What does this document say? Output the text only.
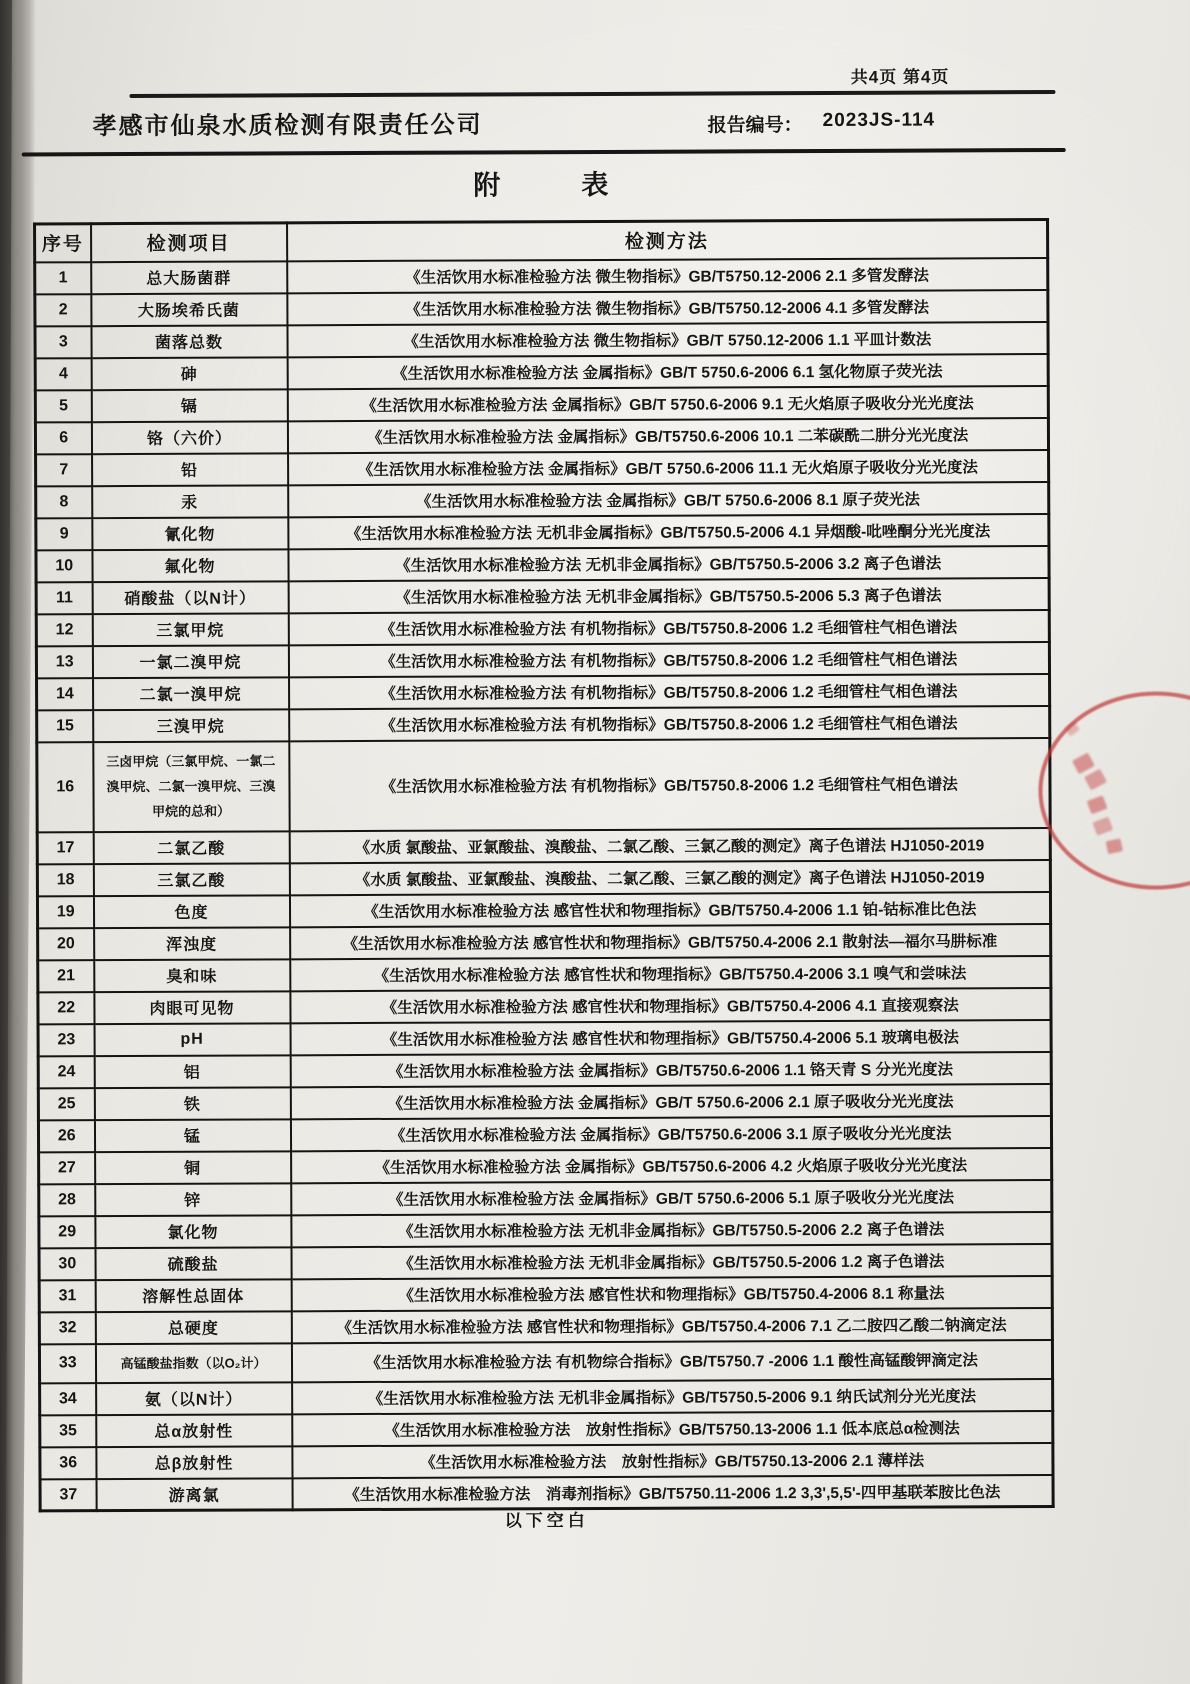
共4页 第4页
孝感市仙泉水质检测有限责任公司	报告编号： 2023JS-114
附　　　表
序号	检测项目	检测方法
1	总大肠菌群	《生活饮用水标准检验方法 微生物指标》GB/T5750.12-2006 2.1 多管发酵法
2	大肠埃希氏菌	《生活饮用水标准检验方法 微生物指标》GB/T5750.12-2006 4.1 多管发酵法
3	菌落总数	《生活饮用水标准检验方法 微生物指标》GB/T 5750.12-2006 1.1 平皿计数法
4	砷	《生活饮用水标准检验方法 金属指标》GB/T 5750.6-2006 6.1 氢化物原子荧光法
5	镉	《生活饮用水标准检验方法 金属指标》GB/T 5750.6-2006 9.1 无火焰原子吸收分光光度法
6	铬（六价）	《生活饮用水标准检验方法 金属指标》GB/T5750.6-2006 10.1 二苯碳酰二肼分光光度法
7	铅	《生活饮用水标准检验方法 金属指标》GB/T 5750.6-2006 11.1 无火焰原子吸收分光光度法
8	汞	《生活饮用水标准检验方法 金属指标》GB/T 5750.6-2006 8.1 原子荧光法
9	氰化物	《生活饮用水标准检验方法 无机非金属指标》GB/T5750.5-2006 4.1 异烟酸-吡唑酮分光光度法
10	氟化物	《生活饮用水标准检验方法 无机非金属指标》GB/T5750.5-2006 3.2 离子色谱法
11	硝酸盐（以N计）	《生活饮用水标准检验方法 无机非金属指标》GB/T5750.5-2006 5.3 离子色谱法
12	三氯甲烷	《生活饮用水标准检验方法 有机物指标》GB/T5750.8-2006 1.2 毛细管柱气相色谱法
13	一氯二溴甲烷	《生活饮用水标准检验方法 有机物指标》GB/T5750.8-2006 1.2 毛细管柱气相色谱法
14	二氯一溴甲烷	《生活饮用水标准检验方法 有机物指标》GB/T5750.8-2006 1.2 毛细管柱气相色谱法
15	三溴甲烷	《生活饮用水标准检验方法 有机物指标》GB/T5750.8-2006 1.2 毛细管柱气相色谱法
16	三卤甲烷（三氯甲烷、一氯二溴甲烷、二氯一溴甲烷、三溴甲烷的总和）	《生活饮用水标准检验方法 有机物指标》GB/T5750.8-2006 1.2 毛细管柱气相色谱法
17	二氯乙酸	《水质 氯酸盐、亚氯酸盐、溴酸盐、二氯乙酸、三氯乙酸的测定》离子色谱法 HJ1050-2019
18	三氯乙酸	《水质 氯酸盐、亚氯酸盐、溴酸盐、二氯乙酸、三氯乙酸的测定》离子色谱法 HJ1050-2019
19	色度	《生活饮用水标准检验方法 感官性状和物理指标》GB/T5750.4-2006 1.1 铂-钴标准比色法
20	浑浊度	《生活饮用水标准检验方法 感官性状和物理指标》GB/T5750.4-2006 2.1 散射法—福尔马肼标准
21	臭和味	《生活饮用水标准检验方法 感官性状和物理指标》GB/T5750.4-2006 3.1 嗅气和尝味法
22	肉眼可见物	《生活饮用水标准检验方法 感官性状和物理指标》GB/T5750.4-2006 4.1 直接观察法
23	pH	《生活饮用水标准检验方法 感官性状和物理指标》GB/T5750.4-2006 5.1 玻璃电极法
24	铝	《生活饮用水标准检验方法 金属指标》GB/T5750.6-2006 1.1 铬天青 S 分光光度法
25	铁	《生活饮用水标准检验方法 金属指标》GB/T 5750.6-2006 2.1 原子吸收分光光度法
26	锰	《生活饮用水标准检验方法 金属指标》GB/T5750.6-2006 3.1 原子吸收分光光度法
27	铜	《生活饮用水标准检验方法 金属指标》GB/T5750.6-2006 4.2 火焰原子吸收分光光度法
28	锌	《生活饮用水标准检验方法 金属指标》GB/T 5750.6-2006 5.1 原子吸收分光光度法
29	氯化物	《生活饮用水标准检验方法 无机非金属指标》GB/T5750.5-2006 2.2 离子色谱法
30	硫酸盐	《生活饮用水标准检验方法 无机非金属指标》GB/T5750.5-2006 1.2 离子色谱法
31	溶解性总固体	《生活饮用水标准检验方法 感官性状和物理指标》GB/T5750.4-2006 8.1 称量法
32	总硬度	《生活饮用水标准检验方法 感官性状和物理指标》GB/T5750.4-2006 7.1 乙二胺四乙酸二钠滴定法
33	高锰酸盐指数（以O₂计）	《生活饮用水标准检验方法 有机物综合指标》GB/T5750.7 -2006 1.1 酸性高锰酸钾滴定法
34	氨（以N计）	《生活饮用水标准检验方法 无机非金属指标》GB/T5750.5-2006 9.1 纳氏试剂分光光度法
35	总α放射性	《生活饮用水标准检验方法　放射性指标》GB/T5750.13-2006 1.1 低本底总α检测法
36	总β放射性	《生活饮用水标准检验方法　放射性指标》GB/T5750.13-2006 2.1 薄样法
37	游离氯	《生活饮用水标准检验方法　消毒剂指标》GB/T5750.11-2006 1.2 3,3',5,5'-四甲基联苯胺比色法
以下空白
